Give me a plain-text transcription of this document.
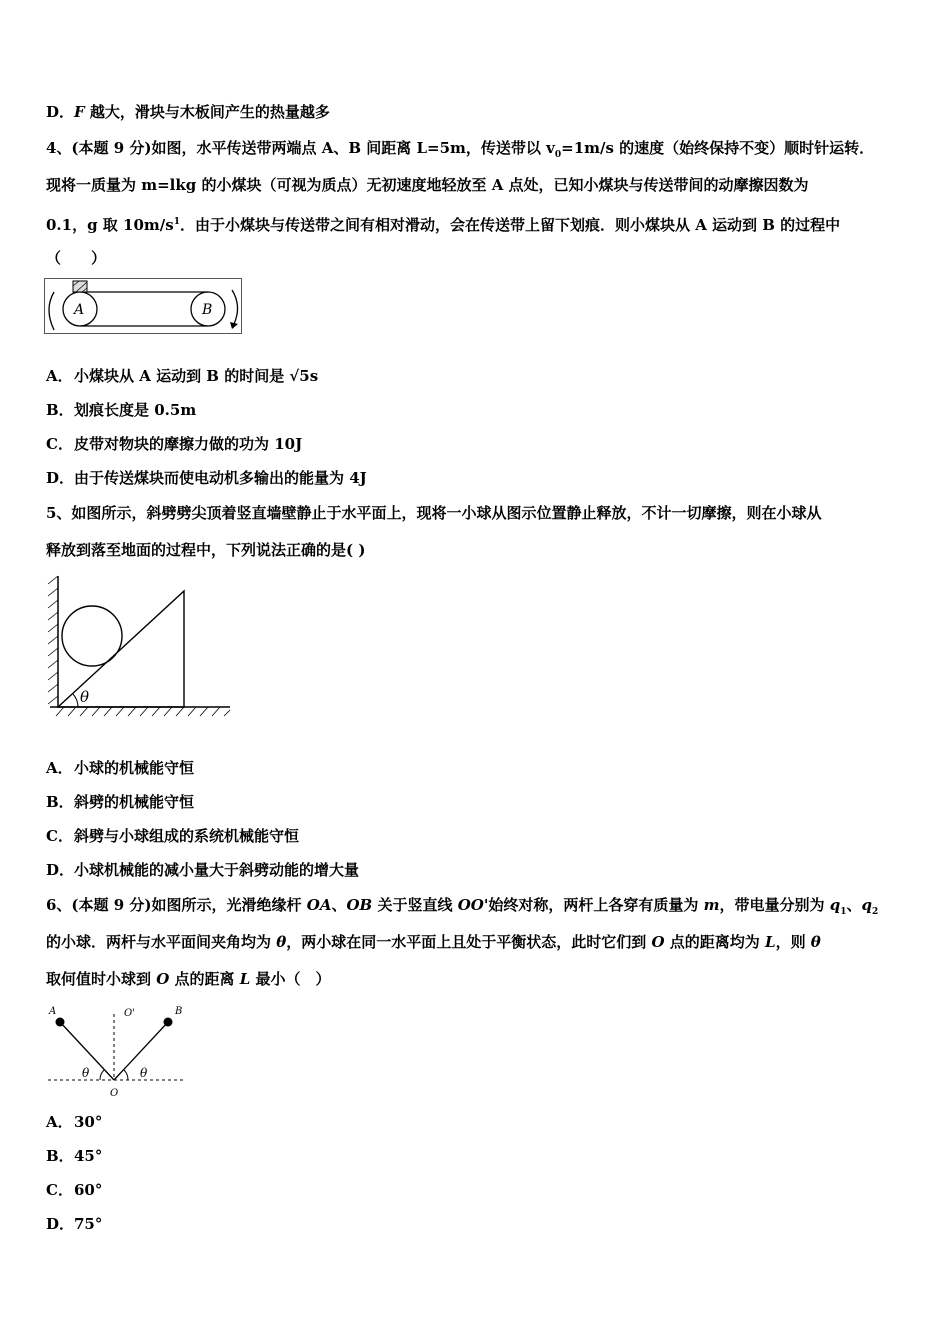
D．F 越大，滑块与木板间产生的热量越多
4、(本题 9 分)如图，水平传送带两端点 A、B 间距离 L=5m，传送带以 $v_0=1m/s$ 的速度（始终保持不变）顺时针运转．
现将一质量为 m=lkg 的小煤块（可视为质点）无初速度地轻放至 A 点处，已知小煤块与传送带间的动摩擦因数为
0.1，g 取 $10m/s^1$．由于小煤块与传送带之间有相对滑动，会在传送带上留下划痕．则小煤块从 A 运动到 B 的过程中
（　　）
A	B
A．小煤块从 A 运动到 B 的时间是 √5s
B．划痕长度是 0.5m
C．皮带对物块的摩擦力做的功为 10J
D．由于传送煤块而使电动机多输出的能量为 4J
5、如图所示，斜劈劈尖顶着竖直墙壁静止于水平面上，现将一小球从图示位置静止释放，不计一切摩擦，则在小球从
释放到落至地面的过程中，下列说法正确的是( )
θ
A．小球的机械能守恒
B．斜劈的机械能守恒
C．斜劈与小球组成的系统机械能守恒
D．小球机械能的减小量大于斜劈动能的增大量
6、(本题 9 分)如图所示，光滑绝缘杆 OA、OB 关于竖直线 OO'始终对称，两杆上各穿有质量为 m，带电量分别为 $q_1$、$q_2$
的小球．两杆与水平面间夹角均为 θ，两小球在同一水平面上且处于平衡状态，此时它们到 O 点的距离均为 L，则 θ
取何值时小球到 O 点的距离 L 最小（　）
A	B
O'
O
θ	θ
A．30°
B．45°
C．60°
D．75°
